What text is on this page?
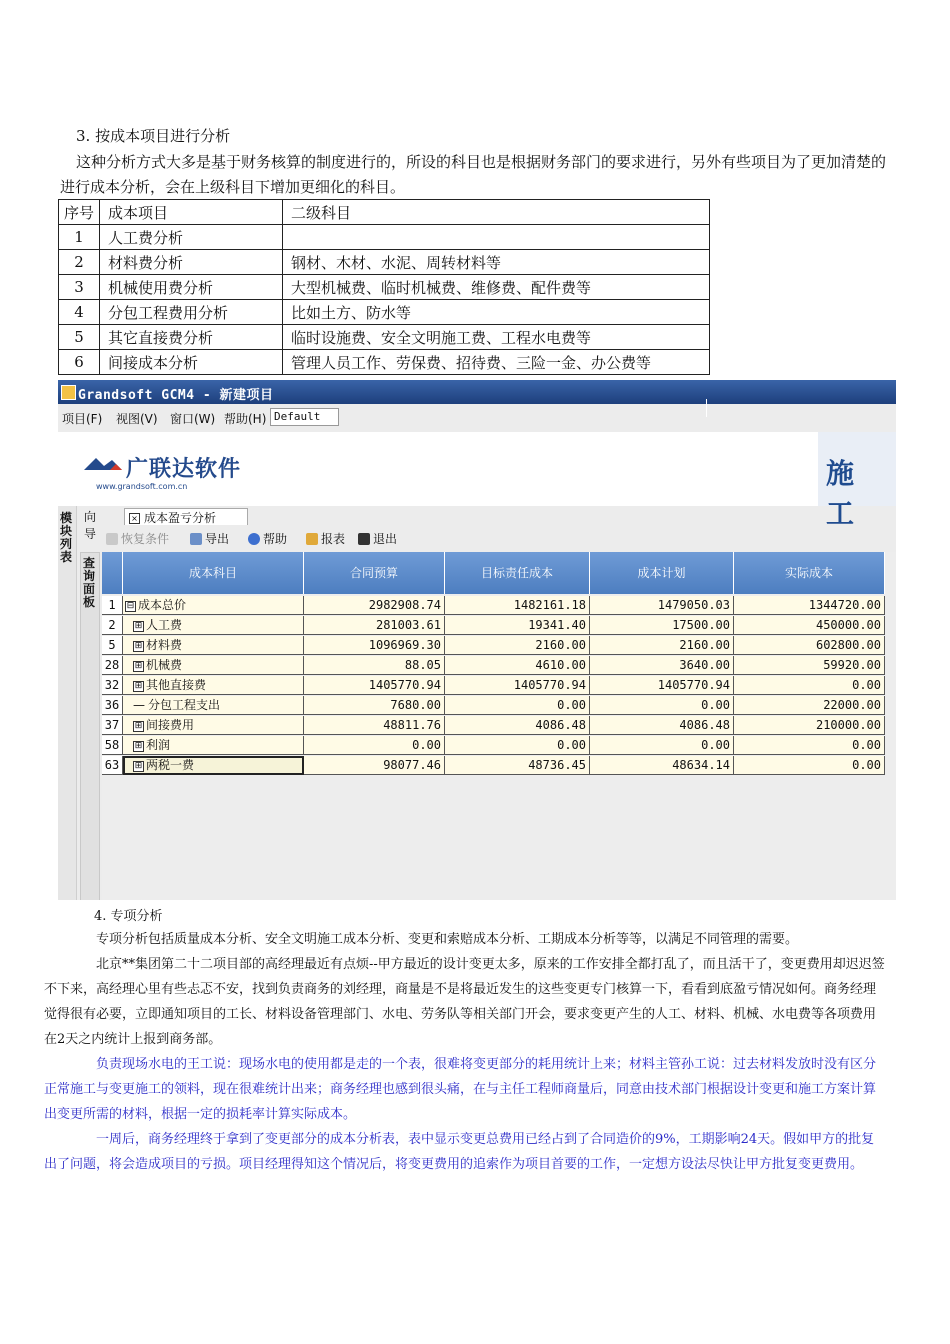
3. 按成本项目进行分析
这种分析方式大多是基于财务核算的制度进行的，所设的科目也是根据财务部门的要求进行，另外有些项目为了更加清楚的进行成本分析，会在上级科目下增加更细化的科目。
序号	成本项目	二级科目
1	人工费分析	
2	材料费分析	钢材、木材、水泥、周转材料等
3	机械使用费分析	大型机械费、临时机械费、维修费、配件费等
4	分包工程费用分析	比如土方、防水等
5	其它直接费分析	临时设施费、安全文明施工费、工程水电费等
6	间接成本分析	管理人员工作、劳保费、招待费、三险一金、办公费等
Grandsoft GCM4 - 新建项目
项目(F) 视图(V) 窗口(W) 帮助(H) Default
广联达软件
www.grandsoft.com.cn	施工
模块列表
向导
× 成本盈亏分析
恢复条件	导出	帮助	报表	退出
查询面板
成本科目	合同预算	目标责任成本	成本计划	实际成本
1	⊟ 成本总价	2982908.74	1482161.18	1479050.03	1344720.00
2	⊞ 人工费	281003.61	19341.40	17500.00	450000.00
5	⊞ 材料费	1096969.30	2160.00	2160.00	602800.00
28	⊞ 机械费	88.05	4610.00	3640.00	59920.00
32	⊞ 其他直接费	1405770.94	1405770.94	1405770.94	0.00
36	— 分包工程支出	7680.00	0.00	0.00	22000.00
37	⊞ 间接费用	48811.76	4086.48	4086.48	210000.00
58	⊞ 利润	0.00	0.00	0.00	0.00
63	⊞ 两税一费	98077.46	48736.45	48634.14	0.00
4. 专项分析
专项分析包括质量成本分析、安全文明施工成本分析、变更和索赔成本分析、工期成本分析等等，以满足不同管理的需要。
北京**集团第二十二项目部的高经理最近有点烦--甲方最近的设计变更太多，原来的工作安排全都打乱了，而且活干了，变更费用却迟迟签不下来，高经理心里有些忐忑不安，找到负责商务的刘经理，商量是不是将最近发生的这些变更专门核算一下，看看到底盈亏情况如何。商务经理觉得很有必要，立即通知项目的工长、材料设备管理部门、水电、劳务队等相关部门开会，要求变更产生的人工、材料、机械、水电费等各项费用在2天之内统计上报到商务部。
负责现场水电的王工说：现场水电的使用都是走的一个表，很难将变更部分的耗用统计上来；材料主管孙工说：过去材料发放时没有区分正常施工与变更施工的领料，现在很难统计出来；商务经理也感到很头痛，在与主任工程师商量后，同意由技术部门根据设计变更和施工方案计算出变更所需的材料，根据一定的损耗率计算实际成本。
一周后，商务经理终于拿到了变更部分的成本分析表，表中显示变更总费用已经占到了合同造价的9%，工期影响24天。假如甲方的批复出了问题，将会造成项目的亏损。项目经理得知这个情况后，将变更费用的追索作为项目首要的工作，一定想方设法尽快让甲方批复变更费用。
